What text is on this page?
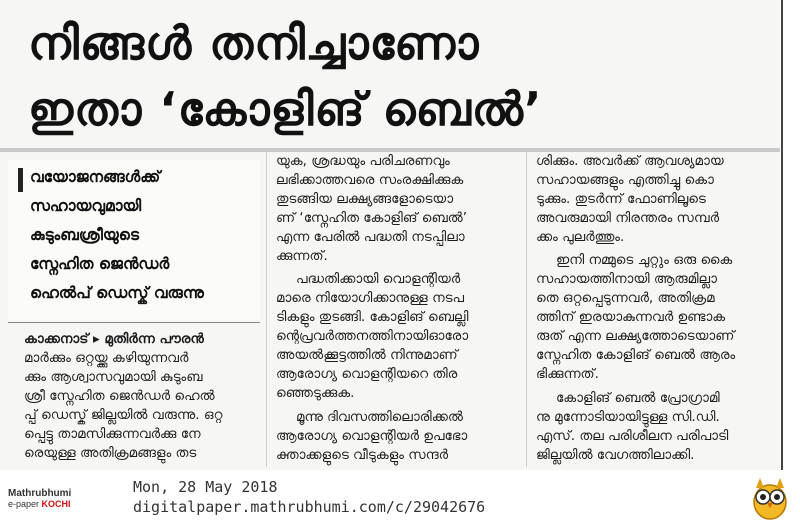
നിങ്ങൾ തനിച്ചാണോ
ഇതാ ‘കോളിങ് ബെൽ’
വയോജനങ്ങൾക്ക്
സഹായവുമായി
കുടുംബശ്രീയുടെ
സ്നേഹിത ജെൻഡർ
ഹെൽപ് ഡെസ്ക് വരുന്നു
കാക്കനാട് ▸ മുതിർന്ന പൗരൻ
മാർക്കും ഒറ്റയ്ക്കു കഴിയുന്നവർ
ക്കും ആശ്വാസവുമായി കുടുംബ
ശ്രീ സ്നേഹിത ജെൻഡർ ഹെൽ
പ്പ് ഡെസ്ക് ജില്ലയിൽ വരുന്നു. ഒറ്റ
പ്പെട്ടു താമസിക്കുന്നവർക്കു നേ
രെയുള്ള അതിക്രമങ്ങളും തട
യുക, ശ്രദ്ധയും പരിചരണവും
ലഭിക്കാത്തവരെ സംരക്ഷിക്കുക
തുടങ്ങിയ ലക്ഷ്യങ്ങളോടെയാ
ണ് ‘സ്നേഹിത കോളിങ് ബെൽ’
എന്ന പേരിൽ പദ്ധതി നടപ്പിലാ
ക്കുന്നത്.
പദ്ധതിക്കായി വൊളന്റിയർ
മാരെ നിയോഗിക്കാനുള്ള നടപ
ടികളും തുടങ്ങി. കോളിങ് ബെല്ലി
ന്റെപ്രവർത്തനത്തിനായിഓരോ
അയൽക്കൂട്ടത്തിൽ നിന്നുമാണ്
ആരോഗ്യ വൊളന്റിയറെ തിര
ഞ്ഞെടുക്കുക.
മൂന്നു ദിവസത്തിലൊരിക്കൽ
ആരോഗ്യ വൊളന്റിയർ ഉപഭോ
ക്താക്കളുടെ വീടുകളും സന്ദർ
ശിക്കും. അവർക്ക് ആവശ്യമായ
സഹായങ്ങളും എത്തിച്ചു കൊ
ടുക്കും. തുടർന്ന് ഫോണിലൂടെ
അവരുമായി നിരന്തരം സമ്പർ
ക്കം പുലർത്തും.
ഇനി നമ്മുടെ ചുറ്റും ഒരു കൈ
സഹായത്തിനായി ആരുമില്ലാ
തെ ഒറ്റപ്പെടുന്നവർ, അതിക്രമ
ത്തിന് ഇരയാകുന്നവർ ഉണ്ടാക
രുത് എന്ന ലക്ഷ്യത്തോടെയാണ്
സ്നേഹിത കോളിങ് ബെൽ ആരം
ഭിക്കുന്നത്.
കോളിങ് ബെൽ പ്രോഗ്രാമി
നു മുന്നോടിയായിട്ടുള്ള സി.ഡി.
എസ്. തല പരിശീലന പരിപാടി
ജില്ലയിൽ വേഗത്തിലാക്കി.
Mathrubhumi
e-paper KOCHI
Mon, 28 May 2018
digitalpaper.mathrubhumi.com/c/29042676
